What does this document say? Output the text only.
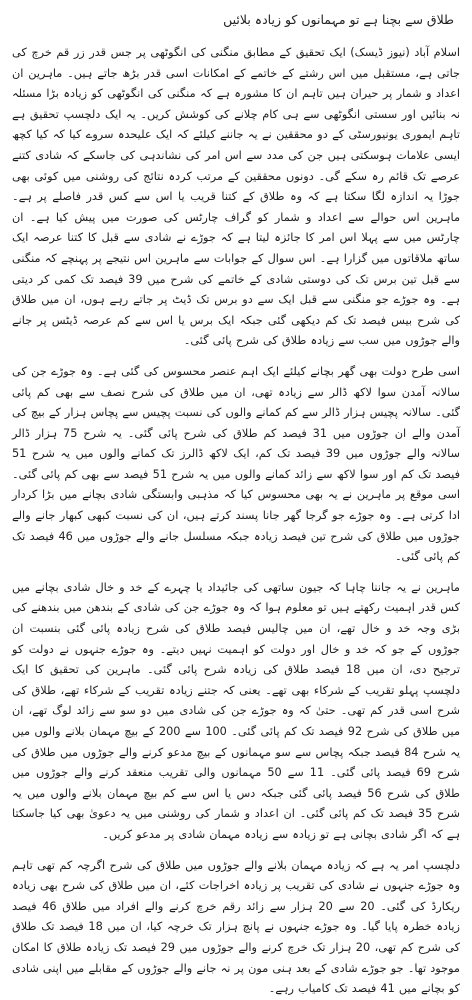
طلاق سے بچنا ہے تو مہمانوں کو زیادہ بلائیں

اسلام آباد (نیوز ڈیسک) ایک تحقیق کے مطابق منگنی کی انگوٹھی پر جس قدر زر قم خرچ کی جاتی ہے، مستقبل میں اس رشتے کے خاتمے کے امکانات اسی قدر بڑھ جاتے ہیں۔ ماہرین ان اعداد و شمار پر حیران ہیں تاہم ان کا مشورہ ہے کہ منگنی کی انگوٹھی کو زیادہ بڑا مسئلہ نہ بنائیں اور سستی انگوٹھی سے ہی کام چلانے کی کوشش کریں۔ یہ ایک دلچسپ تحقیق ہے تاہم ایموری یونیورسٹی کے دو محققین نے یہ جاننے کیلئے کہ ایک علیحدہ سروے کیا کہ کیا کچھ ایسی علامات ہوسکتی ہیں جن کی مدد سے اس امر کی نشاندہی کی جاسکے کہ شادی کتنے عرصے تک قائم رہ سکے گی۔ دونوں محققین کے مرتب کردہ نتائج کی روشنی میں کوئی بھی جوڑا یہ اندازہ لگا سکتا ہے کہ وہ طلاق کے کتنا قریب یا اس سے کس قدر فاصلے پر ہے۔ ماہرین اس حوالے سے اعداد و شمار کو گراف چارٹس کی صورت میں پیش کیا ہے۔ ان چارٹس میں سے پہلا اس امر کا جائزہ لیتا ہے کہ جوڑے نے شادی سے قبل کا کتنا عرصہ ایک ساتھ ملاقاتوں میں گزارا ہے۔ اس سوال کے جوابات سے ماہرین اس نتیجے پر پہنچے کہ منگنی سے قبل تین برس تک کی دوستی شادی کے خاتمے کی شرح میں 39 فیصد تک کمی کر دیتی ہے۔ وہ جوڑے جو منگنی سے قبل ایک سے دو برس تک ڈیٹ پر جاتے رہے ہوں، ان میں طلاق کی شرح بیس فیصد تک کم دیکھی گئی جبکہ ایک برس یا اس سے کم عرصہ ڈیٹس پر جانے والے جوڑوں میں سب سے زیادہ طلاق کی شرح پائی گئی۔

اسی طرح دولت بھی گھر بچانے کیلئے ایک اہم عنصر محسوس کی گئی ہے۔ وہ جوڑے جن کی سالانہ آمدن سوا لاکھ ڈالر سے زیادہ تھی، ان میں طلاق کی شرح نصف سے بھی کم پائی گئی۔ سالانہ پچیس ہزار ڈالر سے کم کمانے والوں کی نسبت پچیس سے پچاس ہزار کے بیچ کی آمدن والے ان جوڑوں میں 31 فیصد کم طلاق کی شرح پائی گئی۔ یہ شرح 75 ہزار ڈالر سالانہ والے جوڑوں میں 39 فیصد تک کم، ایک لاکھ ڈالرز تک کمانے والوں میں یہ شرح 51 فیصد تک کم اور سوا لاکھ سے زائد کمانے والوں میں یہ شرح 51 فیصد سے بھی کم پائی گئی۔ اسی موقع پر ماہرین نے یہ بھی محسوس کیا کہ مذہبی وابستگی شادی بچانے میں بڑا کردار ادا کرتی ہے۔ وہ جوڑے جو گرجا گھر جانا پسند کرتے ہیں، ان کی نسبت کبھی کبھار جانے والے جوڑوں میں طلاق کی شرح تین فیصد زیادہ جبکہ مسلسل جانے والے جوڑوں میں 46 فیصد تک کم پائی گئی۔

ماہرین نے یہ جاننا چاہا کہ جیون ساتھی کی جائیداد یا چہرے کے خد و خال شادی بچانے میں کس قدر اہمیت رکھتے ہیں تو معلوم ہوا کہ وہ جوڑے جن کی شادی کے بندھن میں بندھنے کی بڑی وجہ خد و خال تھے، ان میں چالیس فیصد طلاق کی شرح زیادہ پائی گئی بنسبت ان جوڑوں کے جو کہ خد و خال اور دولت کو اہمیت نہیں دیتے۔ وہ جوڑے جنہوں نے دولت کو ترجیح دی، ان میں 18 فیصد طلاق کی زیادہ شرح پائی گئی۔ ماہرین کی تحقیق کا ایک دلچسپ پہلو تقریب کے شرکاء بھی تھے۔ یعنی کہ جتنے زیادہ تقریب کے شرکاء تھے، طلاق کی شرح اسی قدر کم تھی۔ حتیٰ کہ وہ جوڑے جن کی شادی میں دو سو سے زائد لوگ تھے، ان میں طلاق کی شرح 92 فیصد تک کم پائی گئی۔ 100 سے 200 کے بیچ مہمان بلانے والوں میں یہ شرح 84 فیصد جبکہ پچاس سے سو مہمانوں کے بیچ مدعو کرنے والے جوڑوں میں طلاق کی شرح 69 فیصد پائی گئی۔ 11 سے 50 مہمانوں والی تقریب منعقد کرنے والے جوڑوں میں طلاق کی شرح 56 فیصد پائی گئی جبکہ دس یا اس سے کم بیچ مہمان بلانے والوں میں یہ شرح 35 فیصد تک کم پائی گئی۔ ان اعداد و شمار کی روشنی میں یہ دعویٰ بھی کیا جاسکتا ہے کہ اگر شادی بچانی ہے تو زیادہ سے زیادہ مہمان شادی پر مدعو کریں۔

دلچسپ امر یہ ہے کہ زیادہ مہمان بلانے والے جوڑوں میں طلاق کی شرح اگرچہ کم تھی تاہم وہ جوڑے جنہوں نے شادی کی تقریب پر زیادہ اخراجات کئے، ان میں طلاق کی شرح بھی زیادہ ریکارڈ کی گئی۔ 20 سے 20 ہزار سے زائد رقم خرچ کرنے والے افراد میں طلاق 46 فیصد زیادہ خطرہ پایا گیا۔ وہ جوڑے جنہوں نے پانچ ہزار تک خرچہ کیا، ان میں 18 فیصد تک طلاق کی شرح کم تھی، 20 ہزار تک خرچ کرنے والے جوڑوں میں 29 فیصد تک زیادہ طلاق کا امکان موجود تھا۔ جو جوڑے شادی کے بعد ہنی مون پر نہ جانے والے جوڑوں کے مقابلے میں اپنی شادی کو بچانے میں 41 فیصد تک کامیاب رہے۔
